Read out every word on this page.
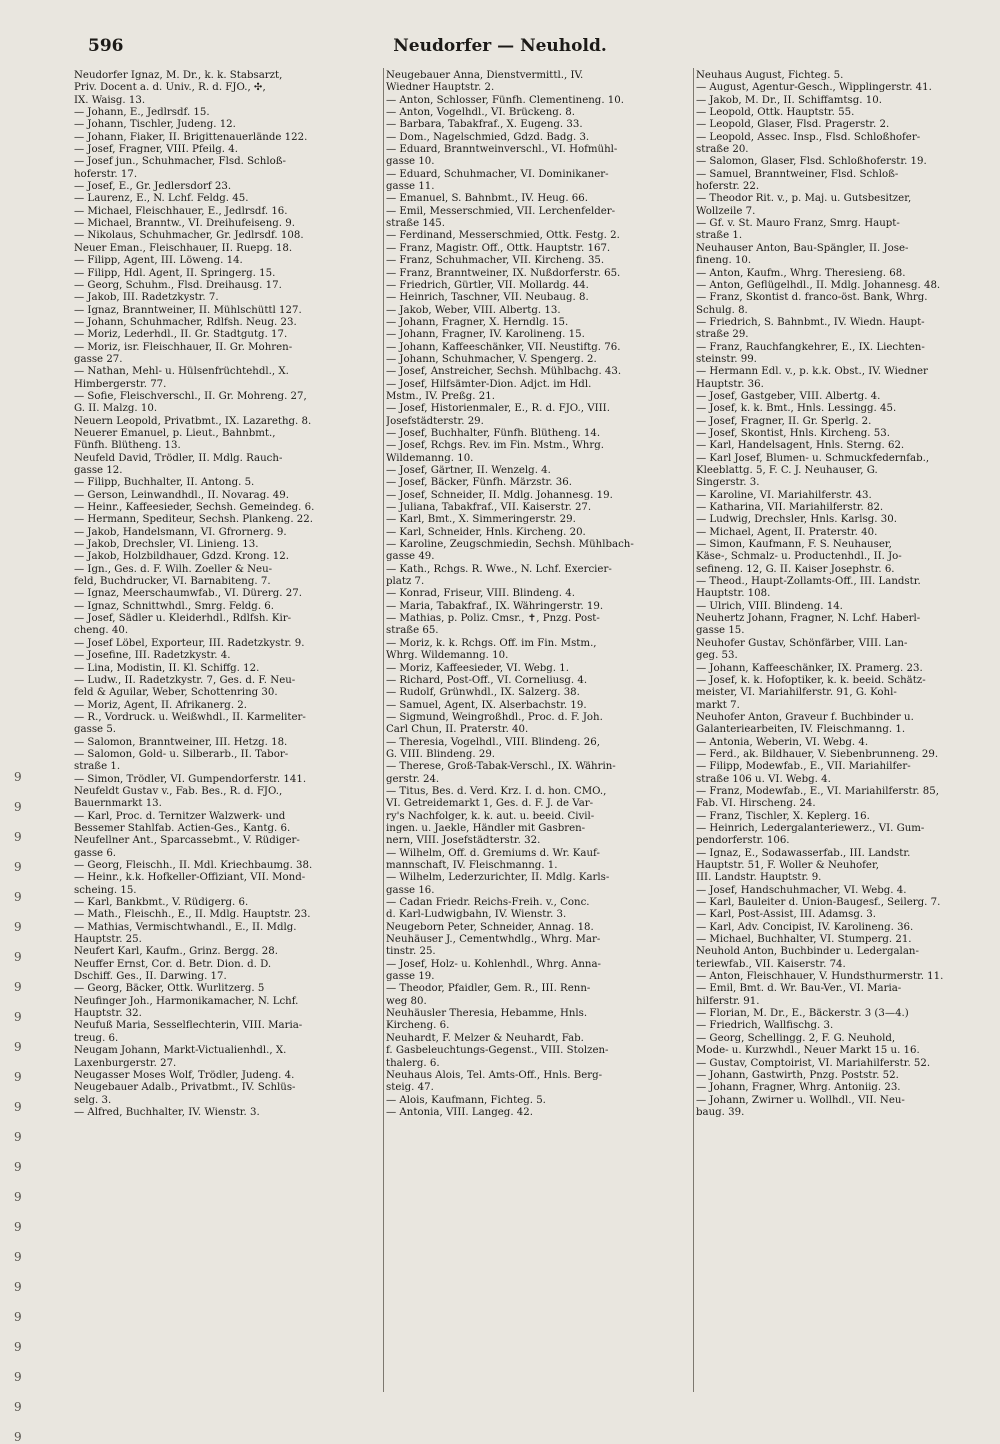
596	Neudorfer — Neuhold.
9
9
9
9
9
9
9
9
9
9
9
9
9
9
9
9
9
9
9
9
9
9
9
Neudorfer Ignaz, M. Dr., k. k. Stabsarzt,
Priv. Docent a. d. Univ., R. d. FJO., ✣,
IX. Waisg. 13.
— Johann, E., Jedlrsdf. 15.
— Johann, Tischler, Judeng. 12.
— Johann, Fiaker, II. Brigittenauerlände 122.
— Josef, Fragner, VIII. Pfeilg. 4.
— Josef jun., Schuhmacher, Flsd. Schloß-
hoferstr. 17.
— Josef, E., Gr. Jedlersdorf 23.
— Laurenz, E., N. Lchf. Feldg. 45.
— Michael, Fleischhauer, E., Jedlrsdf. 16.
— Michael, Branntw., VI. Dreihufeiseng. 9.
— Nikolaus, Schuhmacher, Gr. Jedlrsdf. 108.
Neuer Eman., Fleischhauer, II. Ruepg. 18.
— Filipp, Agent, III. Löweng. 14.
— Filipp, Hdl. Agent, II. Springerg. 15.
— Georg, Schuhm., Flsd. Dreihausg. 17.
— Jakob, III. Radetzkystr. 7.
— Ignaz, Branntweiner, II. Mühlschüttl 127.
— Johann, Schuhmacher, Rdlfsh. Neug. 23.
— Moriz, Lederhdl., II. Gr. Stadtgutg. 17.
— Moriz, isr. Fleischhauer, II. Gr. Mohren-
gasse 27.
— Nathan, Mehl- u. Hülsenfrüchtehdl., X.
Himbergerstr. 77.
— Sofie, Fleischverschl., II. Gr. Mohreng. 27,
G. II. Malzg. 10.
Neuern Leopold, Privatbmt., IX. Lazarethg. 8.
Neuerer Emanuel, p. Lieut., Bahnbmt.,
Fünfh. Blütheng. 13.
Neufeld David, Trödler, II. Mdlg. Rauch-
gasse 12.
— Filipp, Buchhalter, II. Antong. 5.
— Gerson, Leinwandhdl., II. Novarag. 49.
— Heinr., Kaffeesieder, Sechsh. Gemeindeg. 6.
— Hermann, Spediteur, Sechsh. Plankeng. 22.
— Jakob, Handelsmann, VI. Gfrornerg. 9.
— Jakob, Drechsler, VI. Linieng. 13.
— Jakob, Holzbildhauer, Gdzd. Krong. 12.
— Ign., Ges. d. F. Wilh. Zoeller & Neu-
feld, Buchdrucker, VI. Barnabiteng. 7.
— Ignaz, Meerschaumwfab., VI. Dürerg. 27.
— Ignaz, Schnittwhdl., Smrg. Feldg. 6.
— Josef, Sädler u. Kleiderhdl., Rdlfsh. Kir-
cheng. 40.
— Josef Löbel, Exporteur, III. Radetzkystr. 9.
— Josefine, III. Radetzkystr. 4.
— Lina, Modistin, II. Kl. Schiffg. 12.
— Ludw., II. Radetzkystr. 7, Ges. d. F. Neu-
feld & Aguilar, Weber, Schottenring 30.
— Moriz, Agent, II. Afrikanerg. 2.
— R., Vordruck. u. Weißwhdl., II. Karmeliter-
gasse 5.
— Salomon, Branntweiner, III. Hetzg. 18.
— Salomon, Gold- u. Silberarb., II. Tabor-
straße 1.
— Simon, Trödler, VI. Gumpendorferstr. 141.
Neufeldt Gustav v., Fab. Bes., R. d. FJO.,
Bauernmarkt 13.
— Karl, Proc. d. Ternitzer Walzwerk- und
Bessemer Stahlfab. Actien-Ges., Kantg. 6.
Neufellner Ant., Sparcassebmt., V. Rüdiger-
gasse 6.
— Georg, Fleischh., II. Mdl. Kriechbaumg. 38.
— Heinr., k.k. Hofkeller-Offiziant, VII. Mond-
scheing. 15.
— Karl, Bankbmt., V. Rüdigerg. 6.
— Math., Fleischh., E., II. Mdlg. Hauptstr. 23.
— Mathias, Vermischtwhandl., E., II. Mdlg.
Hauptstr. 25.
Neufert Karl, Kaufm., Grinz. Bergg. 28.
Neuffer Ernst, Cor. d. Betr. Dion. d. D.
Dschiff. Ges., II. Darwing. 17.
— Georg, Bäcker, Ottk. Wurlitzerg. 5
Neufinger Joh., Harmonikamacher, N. Lchf.
Hauptstr. 32.
Neufuß Maria, Sesselflechterin, VIII. Maria-
treug. 6.
Neugam Johann, Markt-Victualienhdl., X.
Laxenburgerstr. 27.
Neugasser Moses Wolf, Trödler, Judeng. 4.
Neugebauer Adalb., Privatbmt., IV. Schlüs-
selg. 3.
— Alfred, Buchhalter, IV. Wienstr. 3.
Neugebauer Anna, Dienstvermittl., IV.
Wiedner Hauptstr. 2.
— Anton, Schlosser, Fünfh. Clementineng. 10.
— Anton, Vogelhdl., VI. Brückeng. 8.
— Barbara, Tabakfraf., X. Eugeng. 33.
— Dom., Nagelschmied, Gdzd. Badg. 3.
— Eduard, Branntweinverschl., VI. Hofmühl-
gasse 10.
— Eduard, Schuhmacher, VI. Dominikaner-
gasse 11.
— Emanuel, S. Bahnbmt., IV. Heug. 66.
— Emil, Messerschmied, VII. Lerchenfelder-
straße 145.
— Ferdinand, Messerschmied, Ottk. Festg. 2.
— Franz, Magistr. Off., Ottk. Hauptstr. 167.
— Franz, Schuhmacher, VII. Kircheng. 35.
— Franz, Branntweiner, IX. Nußdorferstr. 65.
— Friedrich, Gürtler, VII. Mollardg. 44.
— Heinrich, Taschner, VII. Neubaug. 8.
— Jakob, Weber, VIII. Albertg. 13.
— Johann, Fragner, X. Herndlg. 15.
— Johann, Fragner, IV. Karolineng. 15.
— Johann, Kaffeeschänker, VII. Neustiftg. 76.
— Johann, Schuhmacher, V. Spengerg. 2.
— Josef, Anstreicher, Sechsh. Mühlbachg. 43.
— Josef, Hilfsämter-Dion. Adjct. im Hdl.
Mstm., IV. Preßg. 21.
— Josef, Historienmaler, E., R. d. FJO., VIII.
Josefstädterstr. 29.
— Josef, Buchhalter, Fünfh. Blütheng. 14.
— Josef, Rchgs. Rev. im Fin. Mstm., Whrg.
Wildemanng. 10.
— Josef, Gärtner, II. Wenzelg. 4.
— Josef, Bäcker, Fünfh. Märzstr. 36.
— Josef, Schneider, II. Mdlg. Johannesg. 19.
— Juliana, Tabakfraf., VII. Kaiserstr. 27.
— Karl, Bmt., X. Simmeringerstr. 29.
— Karl, Schneider, Hnls. Kircheng. 20.
— Karoline, Zeugschmiedin, Sechsh. Mühlbach-
gasse 49.
— Kath., Rchgs. R. Wwe., N. Lchf. Exercier-
platz 7.
— Konrad, Friseur, VIII. Blindeng. 4.
— Maria, Tabakfraf., IX. Währingerstr. 19.
— Mathias, p. Poliz. Cmsr., ✝, Pnzg. Post-
straße 65.
— Moriz, k. k. Rchgs. Off. im Fin. Mstm.,
Whrg. Wildemanng. 10.
— Moriz, Kaffeesieder, VI. Webg. 1.
— Richard, Post-Off., VI. Corneliusg. 4.
— Rudolf, Grünwhdl., IX. Salzerg. 38.
— Samuel, Agent, IX. Alserbachstr. 19.
— Sigmund, Weingroßhdl., Proc. d. F. Joh.
Carl Chun, II. Praterstr. 40.
— Theresia, Vogelhdl., VIII. Blindeng. 26,
G. VIII. Blindeng. 29.
— Therese, Groß-Tabak-Verschl., IX. Währin-
gerstr. 24.
— Titus, Bes. d. Verd. Krz. I. d. hon. CMO.,
VI. Getreidemarkt 1, Ges. d. F. J. de Var-
ry's Nachfolger, k. k. aut. u. beeid. Civil-
ingen. u. Jaekle, Händler mit Gasbren-
nern, VIII. Josefstädterstr. 32.
— Wilhelm, Off. d. Gremiums d. Wr. Kauf-
mannschaft, IV. Fleischmanng. 1.
— Wilhelm, Lederzurichter, II. Mdlg. Karls-
gasse 16.
— Cadan Friedr. Reichs-Freih. v., Conc.
d. Karl-Ludwigbahn, IV. Wienstr. 3.
Neugeborn Peter, Schneider, Annag. 18.
Neuhäuser J., Cementwhdlg., Whrg. Mar-
tinstr. 25.
— Josef, Holz- u. Kohlenhdl., Whrg. Anna-
gasse 19.
— Theodor, Pfaidler, Gem. R., III. Renn-
weg 80.
Neuhäusler Theresia, Hebamme, Hnls.
Kircheng. 6.
Neuhardt, F. Melzer & Neuhardt, Fab.
f. Gasbeleuchtungs-Gegenst., VIII. Stolzen-
thalerg. 6.
Neuhaus Alois, Tel. Amts-Off., Hnls. Berg-
steig. 47.
— Alois, Kaufmann, Fichteg. 5.
— Antonia, VIII. Langeg. 42.
Neuhaus August, Fichteg. 5.
— August, Agentur-Gesch., Wipplingerstr. 41.
— Jakob, M. Dr., II. Schiffamtsg. 10.
— Leopold, Ottk. Hauptstr. 55.
— Leopold, Glaser, Flsd. Pragerstr. 2.
— Leopold, Assec. Insp., Flsd. Schloßhofer-
straße 20.
— Salomon, Glaser, Flsd. Schloßhoferstr. 19.
— Samuel, Branntweiner, Flsd. Schloß-
hoferstr. 22.
— Theodor Rit. v., p. Maj. u. Gutsbesitzer,
Wollzeile 7.
— Gf. v. St. Mauro Franz, Smrg. Haupt-
straße 1.
Neuhauser Anton, Bau-Spängler, II. Jose-
fineng. 10.
— Anton, Kaufm., Whrg. Theresieng. 68.
— Anton, Geflügelhdl., II. Mdlg. Johannesg. 48.
— Franz, Skontist d. franco-öst. Bank, Whrg.
Schulg. 8.
— Friedrich, S. Bahnbmt., IV. Wiedn. Haupt-
straße 29.
— Franz, Rauchfangkehrer, E., IX. Liechten-
steinstr. 99.
— Hermann Edl. v., p. k.k. Obst., IV. Wiedner
Hauptstr. 36.
— Josef, Gastgeber, VIII. Albertg. 4.
— Josef, k. k. Bmt., Hnls. Lessingg. 45.
— Josef, Fragner, II. Gr. Sperlg. 2.
— Josef, Skontist, Hnls. Kircheng. 53.
— Karl, Handelsagent, Hnls. Sterng. 62.
— Karl Josef, Blumen- u. Schmuckfedernfab.,
Kleeblattg. 5, F. C. J. Neuhauser, G.
Singerstr. 3.
— Karoline, VI. Mariahilferstr. 43.
— Katharina, VII. Mariahilferstr. 82.
— Ludwig, Drechsler, Hnls. Karlsg. 30.
— Michael, Agent, II. Praterstr. 40.
— Simon, Kaufmann, F. S. Neuhauser,
Käse-, Schmalz- u. Productenhdl., II. Jo-
sefineng. 12, G. II. Kaiser Josephstr. 6.
— Theod., Haupt-Zollamts-Off., III. Landstr.
Hauptstr. 108.
— Ulrich, VIII. Blindeng. 14.
Neuhertz Johann, Fragner, N. Lchf. Haberl-
gasse 15.
Neuhofer Gustav, Schönfärber, VIII. Lan-
geg. 53.
— Johann, Kaffeeschänker, IX. Pramerg. 23.
— Josef, k. k. Hofoptiker, k. k. beeid. Schätz-
meister, VI. Mariahilferstr. 91, G. Kohl-
markt 7.
Neuhofer Anton, Graveur f. Buchbinder u.
Galanteriearbeiten, IV. Fleischmanng. 1.
— Antonia, Weberin, VI. Webg. 4.
— Ferd., ak. Bildhauer, V. Siebenbrunneng. 29.
— Filipp, Modewfab., E., VII. Mariahilfer-
straße 106 u. VI. Webg. 4.
— Franz, Modewfab., E., VI. Mariahilferstr. 85,
Fab. VI. Hirscheng. 24.
— Franz, Tischler, X. Keplerg. 16.
— Heinrich, Ledergalanteriewerz., VI. Gum-
pendorferstr. 106.
— Ignaz, E., Sodawasserfab., III. Landstr.
Hauptstr. 51, F. Woller & Neuhofer,
III. Landstr. Hauptstr. 9.
— Josef, Handschuhmacher, VI. Webg. 4.
— Karl, Bauleiter d. Union-Baugesf., Seilerg. 7.
— Karl, Post-Assist, III. Adamsg. 3.
— Karl, Adv. Concipist, IV. Karolineng. 36.
— Michael, Buchhalter, VI. Stumperg. 21.
Neuhold Anton, Buchbinder u. Ledergalan-
teriewfab., VII. Kaiserstr. 74.
— Anton, Fleischhauer, V. Hundsthurmerstr. 11.
— Emil, Bmt. d. Wr. Bau-Ver., VI. Maria-
hilferstr. 91.
— Florian, M. Dr., E., Bäckerstr. 3 (3—4.)
— Friedrich, Wallfischg. 3.
— Georg, Schellingg. 2, F. G. Neuhold,
Mode- u. Kurzwhdl., Neuer Markt 15 u. 16.
— Gustav, Comptoirist, VI. Mariahilferstr. 52.
— Johann, Gastwirth, Pnzg. Poststr. 52.
— Johann, Fragner, Whrg. Antoniig. 23.
— Johann, Zwirner u. Wollhdl., VII. Neu-
baug. 39.
